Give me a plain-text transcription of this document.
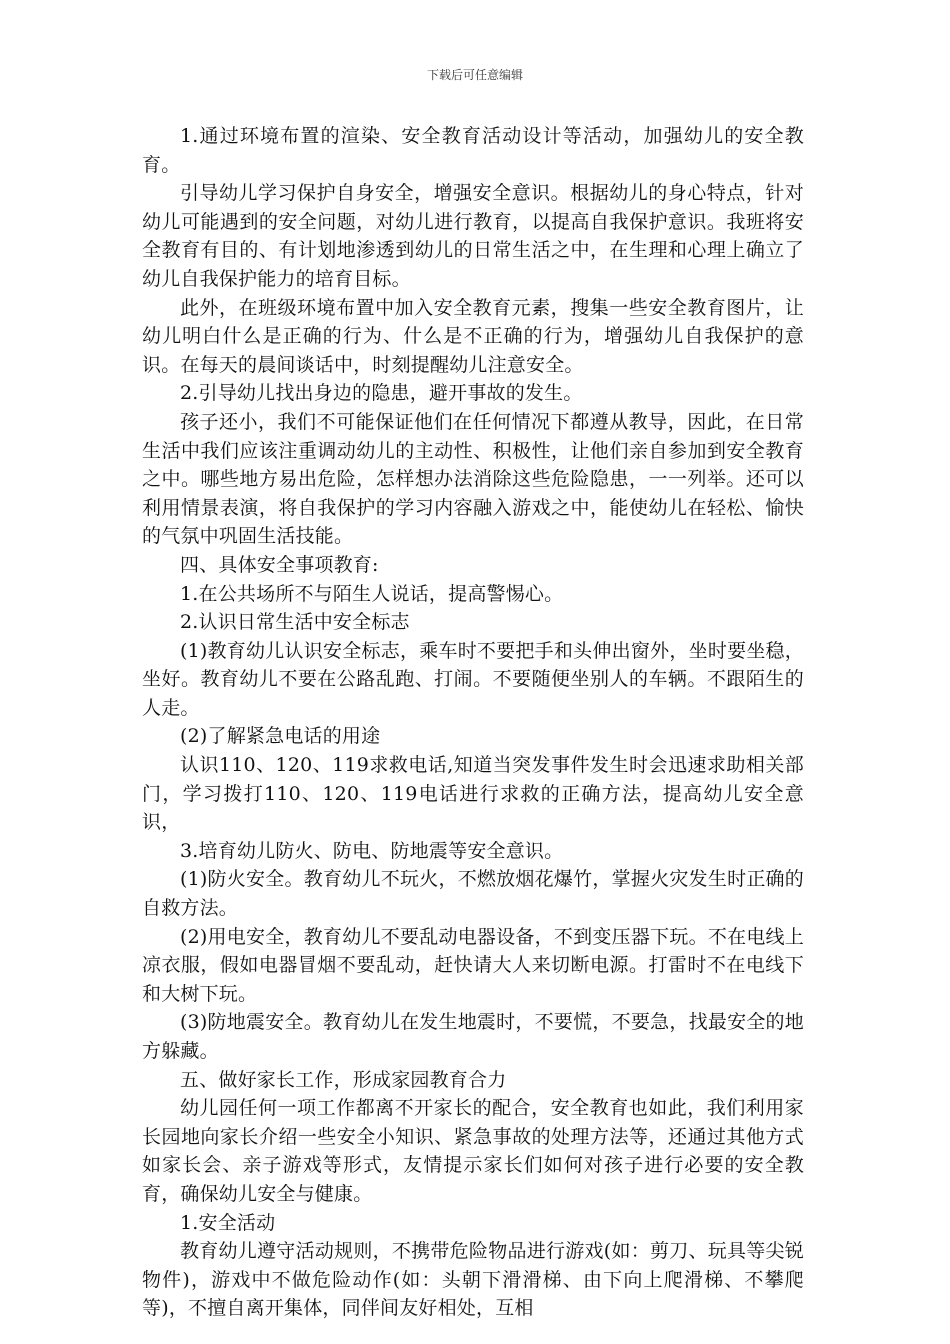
下载后可任意编辑

1.通过环境布置的渲染、安全教育活动设计等活动，加强幼儿的安全教育。

引导幼儿学习保护自身安全，增强安全意识。根据幼儿的身心特点，针对幼儿可能遇到的安全问题，对幼儿进行教育，以提高自我保护意识。我班将安全教育有目的、有计划地渗透到幼儿的日常生活之中，在生理和心理上确立了幼儿自我保护能力的培育目标。

此外，在班级环境布置中加入安全教育元素，搜集一些安全教育图片，让幼儿明白什么是正确的行为、什么是不正确的行为，增强幼儿自我保护的意识。在每天的晨间谈话中，时刻提醒幼儿注意安全。

2.引导幼儿找出身边的隐患，避开事故的发生。

孩子还小，我们不可能保证他们在任何情况下都遵从教导，因此，在日常生活中我们应该注重调动幼儿的主动性、积极性，让他们亲自参加到安全教育之中。哪些地方易出危险，怎样想办法消除这些危险隐患，一一列举。还可以利用情景表演，将自我保护的学习内容融入游戏之中，能使幼儿在轻松、愉快的气氛中巩固生活技能。

四、具体安全事项教育:

1.在公共场所不与陌生人说话，提高警惕心。

2.认识日常生活中安全标志

(1)教育幼儿认识安全标志，乘车时不要把手和头伸出窗外，坐时要坐稳，坐好。教育幼儿不要在公路乱跑、打闹。不要随便坐别人的车辆。不跟陌生的人走。

(2)了解紧急电话的用途

认识110、120、119求救电话,知道当突发事件发生时会迅速求助相关部门，学习拨打110、120、119电话进行求救的正确方法，提高幼儿安全意识，

3.培育幼儿防火、防电、防地震等安全意识。

(1)防火安全。教育幼儿不玩火，不燃放烟花爆竹，掌握火灾发生时正确的自救方法。

(2)用电安全，教育幼儿不要乱动电器设备，不到变压器下玩。不在电线上凉衣服，假如电器冒烟不要乱动，赶快请大人来切断电源。打雷时不在电线下和大树下玩。

(3)防地震安全。教育幼儿在发生地震时，不要慌，不要急，找最安全的地方躲藏。

五、做好家长工作，形成家园教育合力

幼儿园任何一项工作都离不开家长的配合，安全教育也如此，我们利用家长园地向家长介绍一些安全小知识、紧急事故的处理方法等，还通过其他方式如家长会、亲子游戏等形式，友情提示家长们如何对孩子进行必要的安全教育，确保幼儿安全与健康。

1.安全活动

教育幼儿遵守活动规则，不携带危险物品进行游戏(如：剪刀、玩具等尖锐物件)，游戏中不做危险动作(如：头朝下滑滑梯、由下向上爬滑梯、不攀爬等)，不擅自离开集体，同伴间友好相处，互相
